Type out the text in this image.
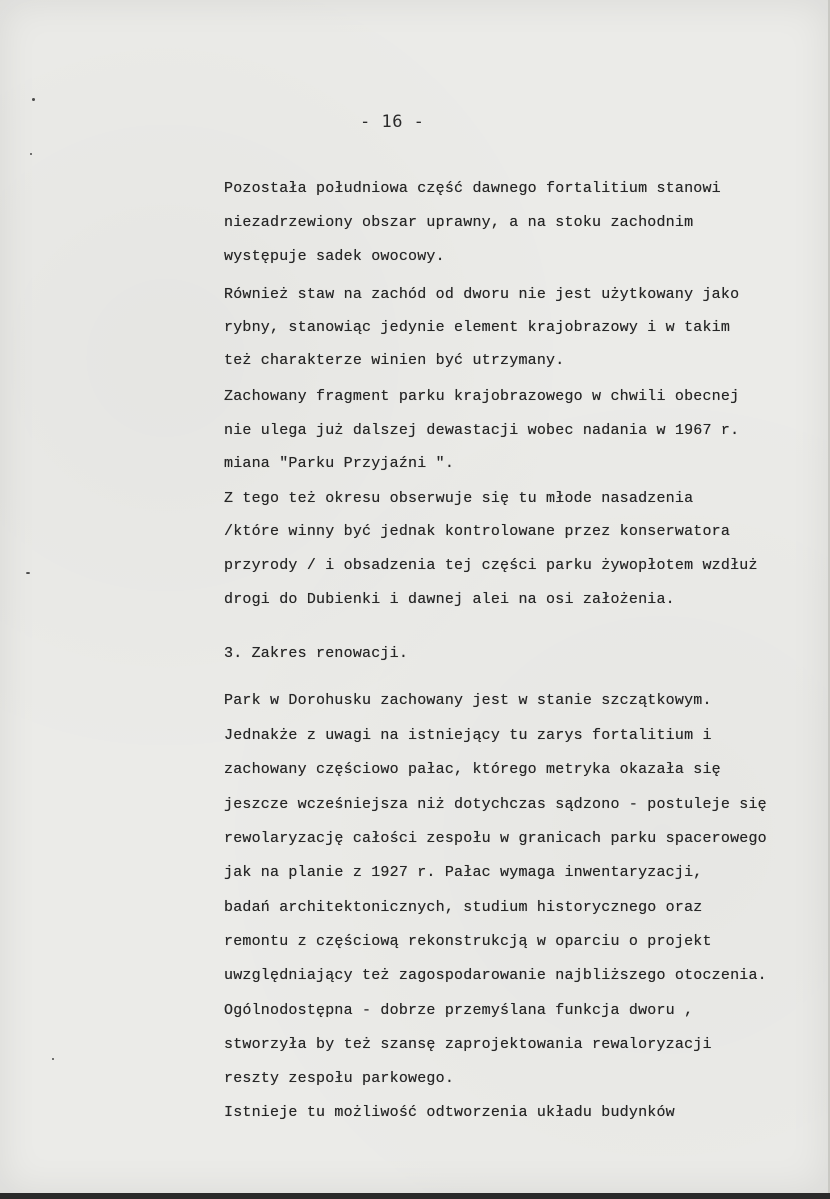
- 16 -
Pozostała południowa część dawnego fortalitium stanowi
niezadrzewiony obszar uprawny, a na stoku zachodnim
występuje sadek owocowy.
Również staw na zachód od dworu nie jest użytkowany jako
rybny, stanowiąc jedynie element krajobrazowy i w takim
też charakterze winien być utrzymany.
Zachowany fragment parku krajobrazowego w chwili obecnej
nie ulega już dalszej dewastacji wobec nadania w 1967 r.
miana "Parku Przyjaźni ".
Z tego też okresu obserwuje się tu młode nasadzenia
/które winny być jednak kontrolowane przez konserwatora
przyrody / i obsadzenia tej części parku żywopłotem wzdłuż
drogi do Dubienki i dawnej alei na osi założenia.
3. Zakres renowacji.
Park w Dorohusku zachowany jest w stanie szczątkowym.
Jednakże z uwagi na istniejący tu zarys fortalitium i
zachowany częściowo pałac, którego metryka okazała się
jeszcze wcześniejsza niż dotychczas sądzono - postuleje się
rewolaryzację całości zespołu w granicach parku spacerowego
jak na planie z 1927 r. Pałac wymaga inwentaryzacji,
badań architektonicznych, studium historycznego oraz
remontu z częściową rekonstrukcją w oparciu o projekt
uwzględniający też zagospodarowanie najbliższego otoczenia.
Ogólnodostępna - dobrze przemyślana funkcja dworu ,
stworzyła by też szansę zaprojektowania rewaloryzacji
reszty zespołu parkowego.
Istnieje tu możliwość odtworzenia układu budynków
